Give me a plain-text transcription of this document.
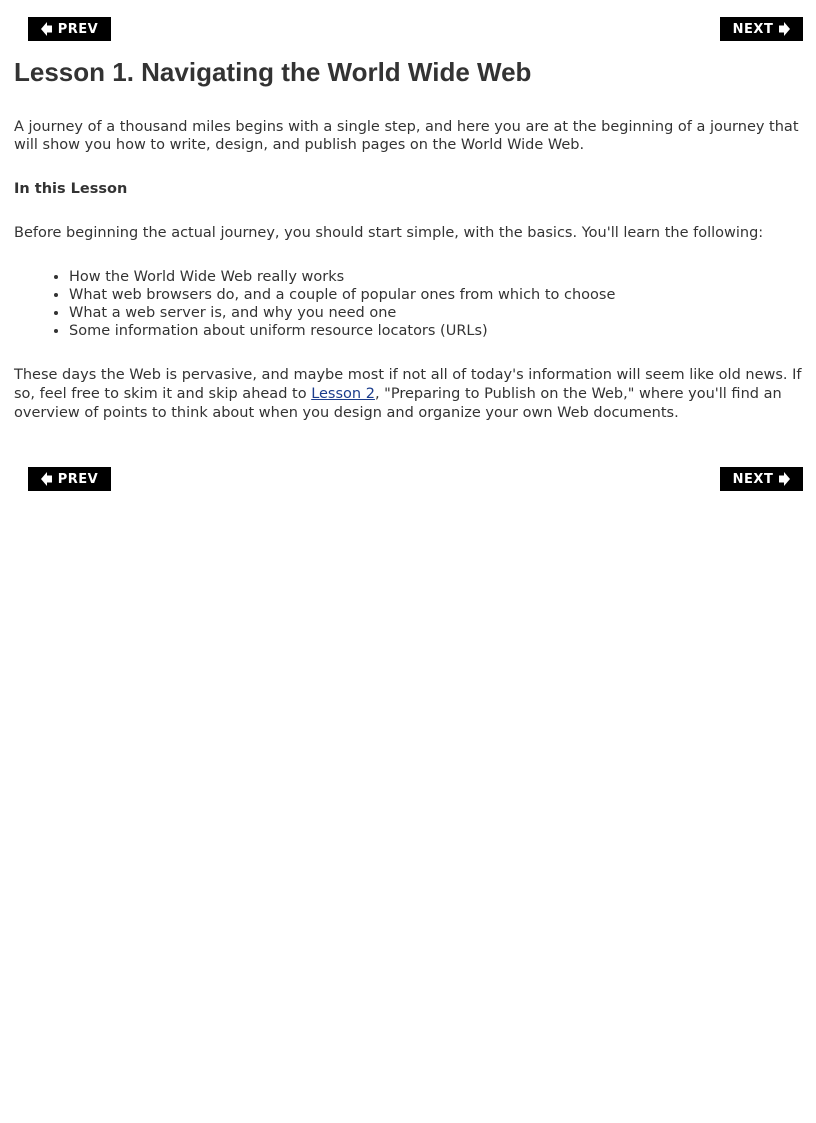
PREV	NEXT
Lesson 1. Navigating the World Wide Web

A journey of a thousand miles begins with a single step, and here you are at the beginning of a journey that will show you how to write, design, and publish pages on the World Wide Web.

In this Lesson

Before beginning the actual journey, you should start simple, with the basics. You'll learn the following:

• How the World Wide Web really works
• What web browsers do, and a couple of popular ones from which to choose
• What a web server is, and why you need one
• Some information about uniform resource locators (URLs)

These days the Web is pervasive, and maybe most if not all of today's information will seem like old news. If so, feel free to skim it and skip ahead to Lesson 2, "Preparing to Publish on the Web," where you'll find an overview of points to think about when you design and organize your own Web documents.

PREV	NEXT
